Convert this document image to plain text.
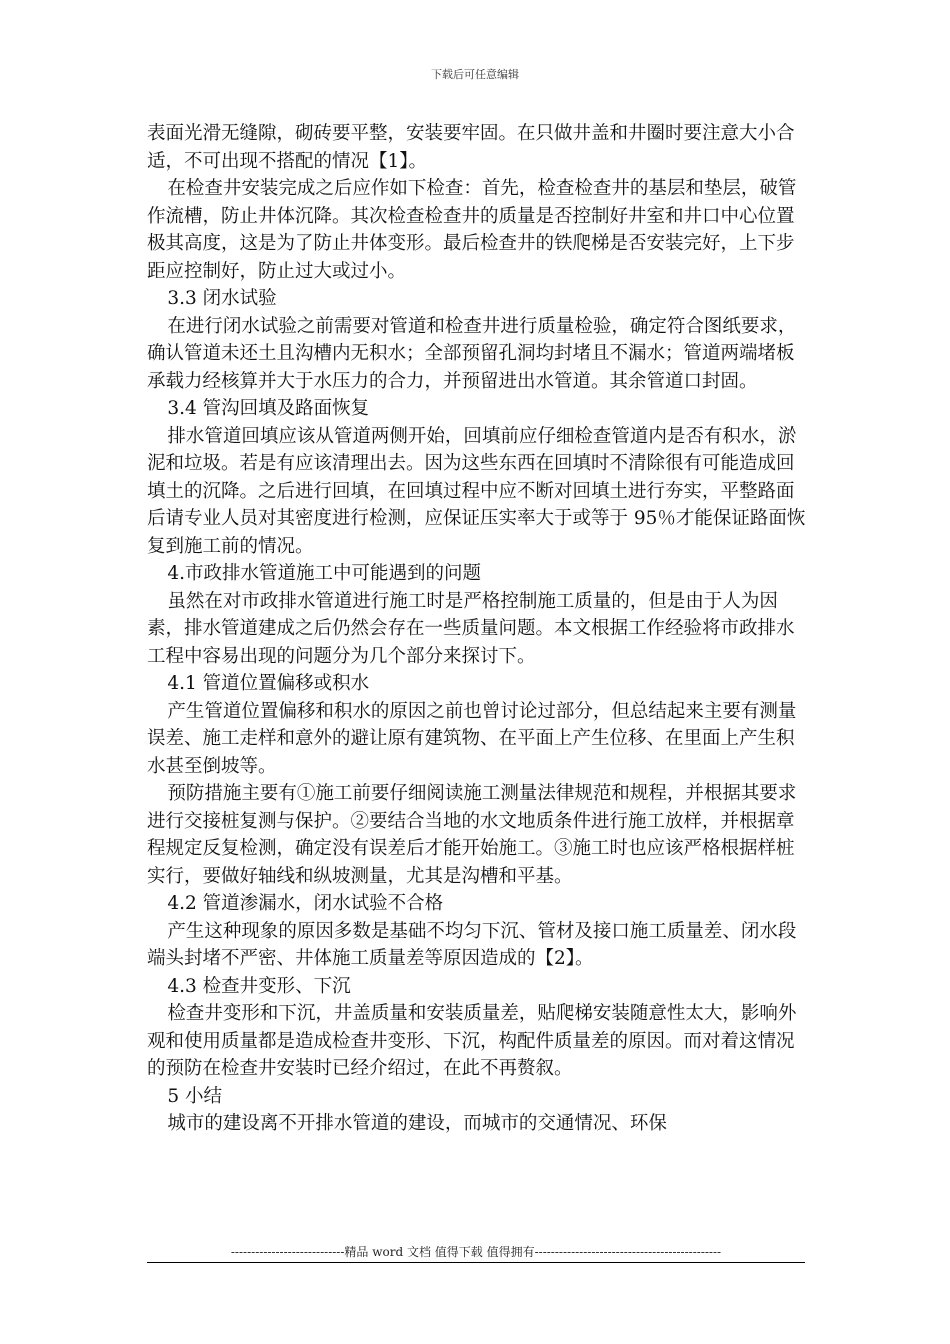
下载后可任意编辑

表面光滑无缝隙，砌砖要平整，安装要牢固。在只做井盖和井圈时要注意大小合适，不可出现不搭配的情况【1】。

在检查井安装完成之后应作如下检查：首先，检查检查井的基层和垫层，破管作流槽，防止井体沉降。其次检查检查井的质量是否控制好井室和井口中心位置极其高度，这是为了防止井体变形。最后检查井的铁爬梯是否安装完好，上下步距应控制好，防止过大或过小。

3.3 闭水试验

在进行闭水试验之前需要对管道和检查井进行质量检验，确定符合图纸要求，确认管道未还土且沟槽内无积水；全部预留孔洞均封堵且不漏水；管道两端堵板承载力经核算并大于水压力的合力，并预留进出水管道。其余管道口封固。

3.4 管沟回填及路面恢复

排水管道回填应该从管道两侧开始，回填前应仔细检查管道内是否有积水，淤泥和垃圾。若是有应该清理出去。因为这些东西在回填时不清除很有可能造成回填土的沉降。之后进行回填，在回填过程中应不断对回填土进行夯实，平整路面后请专业人员对其密度进行检测，应保证压实率大于或等于 95％才能保证路面恢复到施工前的情况。

4.市政排水管道施工中可能遇到的问题

虽然在对市政排水管道进行施工时是严格控制施工质量的，但是由于人为因素，排水管道建成之后仍然会存在一些质量问题。本文根据工作经验将市政排水工程中容易出现的问题分为几个部分来探讨下。

4.1 管道位置偏移或积水

产生管道位置偏移和积水的原因之前也曾讨论过部分，但总结起来主要有测量误差、施工走样和意外的避让原有建筑物、在平面上产生位移、在里面上产生积水甚至倒坡等。

预防措施主要有①施工前要仔细阅读施工测量法律规范和规程，并根据其要求进行交接桩复测与保护。②要结合当地的水文地质条件进行施工放样，并根据章程规定反复检测，确定没有误差后才能开始施工。③施工时也应该严格根据样桩实行，要做好轴线和纵坡测量，尤其是沟槽和平基。

4.2 管道渗漏水，闭水试验不合格

产生这种现象的原因多数是基础不均匀下沉、管材及接口施工质量差、闭水段端头封堵不严密、井体施工质量差等原因造成的【2】。

4.3 检查井变形、下沉

检查井变形和下沉，井盖质量和安装质量差，贴爬梯安装随意性太大，影响外观和使用质量都是造成检查井变形、下沉，构配件质量差的原因。而对着这情况的预防在检查井安装时已经介绍过，在此不再赘叙。

5 小结

城市的建设离不开排水管道的建设，而城市的交通情况、环保

----------------------------精品 word 文档 值得下载 值得拥有----------------------------------------------
